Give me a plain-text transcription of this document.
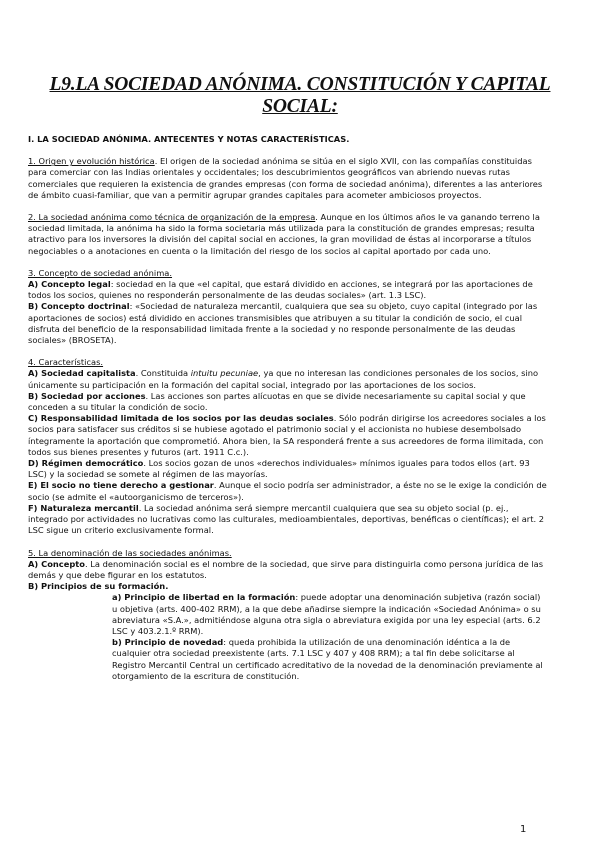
L9.LA SOCIEDAD ANÓNIMA. CONSTITUCIÓN Y CAPITAL SOCIAL:

I. LA SOCIEDAD ANÓNIMA. ANTECENTES Y NOTAS CARACTERÍSTICAS.

1. Origen y evolución histórica. El origen de la sociedad anónima se sitúa en el siglo XVII, con las compañías constituidas para comerciar con las Indias orientales y occidentales; los descubrimientos geográficos van abriendo nuevas rutas comerciales que requieren la existencia de grandes empresas (con forma de sociedad anónima), diferentes a las anteriores de ámbito cuasi-familiar, que van a permitir agrupar grandes capitales para acometer ambiciosos proyectos.

2. La sociedad anónima como técnica de organización de la empresa. Aunque en los últimos años le va ganando terreno la sociedad limitada, la anónima ha sido la forma societaria más utilizada para la constitución de grandes empresas; resulta atractivo para los inversores la división del capital social en acciones, la gran movilidad de éstas al incorporarse a títulos negociables o a anotaciones en cuenta o la limitación del riesgo de los socios al capital aportado por cada uno.

3. Concepto de sociedad anónima.

A) Concepto legal: sociedad en la que «el capital, que estará dividido en acciones, se integrará por las aportaciones de todos los socios, quienes no responderán personalmente de las deudas sociales» (art. 1.3 LSC).

B) Concepto doctrinal: «Sociedad de naturaleza mercantil, cualquiera que sea su objeto, cuyo capital (integrado por las aportaciones de socios) está dividido en acciones transmisibles que atribuyen a su titular la condición de socio, el cual disfruta del beneficio de la responsabilidad limitada frente a la sociedad y no responde personalmente de las deudas sociales» (BROSETA).

4. Características.

A) Sociedad capitalista. Constituida intuitu pecuniae, ya que no interesan las condiciones personales de los socios, sino únicamente su participación en la formación del capital social, integrado por las aportaciones de los socios.

B) Sociedad por acciones. Las acciones son partes alícuotas en que se divide necesariamente su capital social y que conceden a su titular la condición de socio.

C) Responsabilidad limitada de los socios por las deudas sociales. Sólo podrán dirigirse los acreedores sociales a los socios para satisfacer sus créditos si se hubiese agotado el patrimonio social y el accionista no hubiese desembolsado íntegramente la aportación que comprometió. Ahora bien, la SA responderá frente a sus acreedores de forma ilimitada, con todos sus bienes presentes y futuros (art. 1911 C.c.).

D) Régimen democrático. Los socios gozan de unos «derechos individuales» mínimos iguales para todos ellos (art. 93 LSC) y la sociedad se somete al régimen de las mayorías.

E) El socio no tiene derecho a gestionar. Aunque el socio podría ser administrador, a éste no se le exige la condición de socio (se admite el «autoorganicismo de terceros»).

F) Naturaleza mercantil. La sociedad anónima será siempre mercantil cualquiera que sea su objeto social (p. ej., integrado por actividades no lucrativas como las culturales, medioambientales, deportivas, benéficas o científicas); el art. 2 LSC sigue un criterio exclusivamente formal.

5. La denominación de las sociedades anónimas.

A) Concepto. La denominación social es el nombre de la sociedad, que sirve para distinguirla como persona jurídica de las demás y que debe figurar en los estatutos.

B) Principios de su formación.

a) Principio de libertad en la formación: puede adoptar una denominación subjetiva (razón social) u objetiva (arts. 400-402 RRM), a la que debe añadirse siempre la indicación «Sociedad Anónima» o su abreviatura «S.A.», admitiéndose alguna otra sigla o abreviatura exigida por una ley especial (arts. 6.2 LSC y 403.2.1.º RRM).

b) Principio de novedad: queda prohibida la utilización de una denominación idéntica a la de cualquier otra sociedad preexistente (arts. 7.1 LSC y 407 y 408 RRM); a tal fin debe solicitarse al Registro Mercantil Central un certificado acreditativo de la novedad de la denominación previamente al otorgamiento de la escritura de constitución.

1
